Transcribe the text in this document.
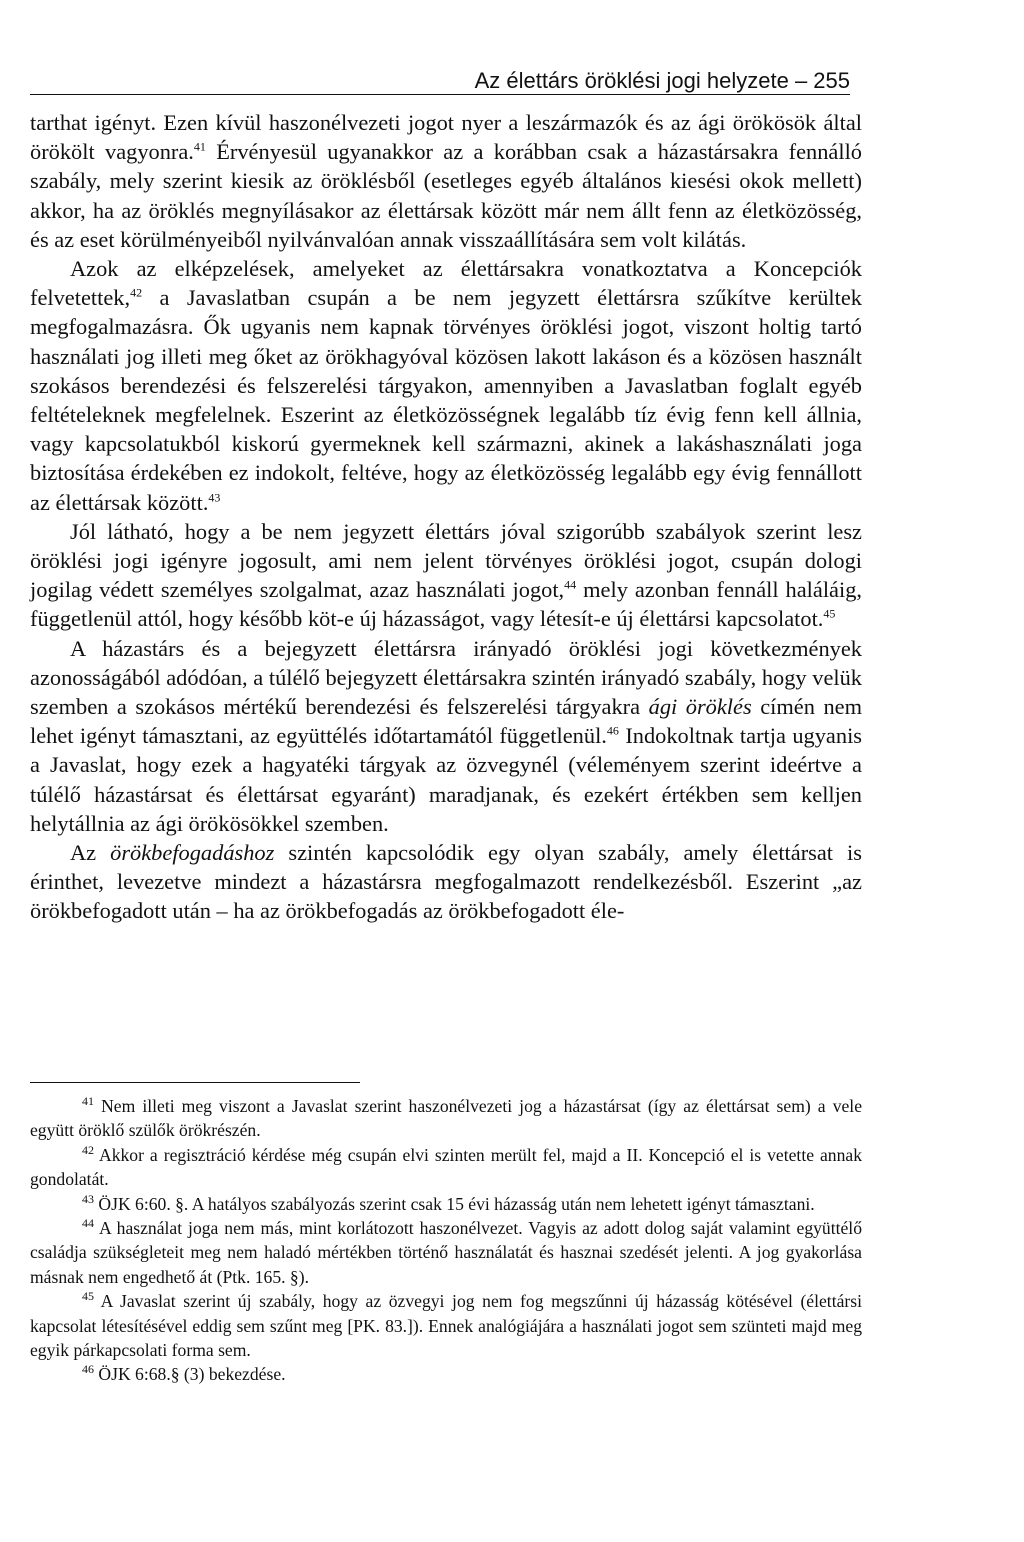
Az élettárs öröklési jogi helyzete – 255

tarthat igényt. Ezen kívül haszonélvezeti jogot nyer a leszármazók és az ági örökösök által örökölt vagyonra.$^{41}$ Érvényesül ugyanakkor az a korábban csak a házastársakra fennálló szabály, mely szerint kiesik az öröklésből (esetleges egyéb általános kiesési okok mellett) akkor, ha az öröklés megnyílásakor az élettársak között már nem állt fenn az életközösség, és az eset körülményeiből nyilvánvalóan annak visszaállítására sem volt kilátás.

Azok az elképzelések, amelyeket az élettársakra vonatkoztatva a Koncepciók felvetettek,$^{42}$ a Javaslatban csupán a be nem jegyzett élettársra szűkítve kerültek megfogalmazásra. Ők ugyanis nem kapnak törvényes öröklési jogot, viszont holtig tartó használati jog illeti meg őket az örökhagyóval közösen lakott lakáson és a közösen használt szokásos berendezési és felszerelési tárgyakon, amennyiben a Javaslatban foglalt egyéb feltételeknek megfelelnek. Eszerint az életközösségnek legalább tíz évig fenn kell állnia, vagy kapcsolatukból kiskorú gyermeknek kell származni, akinek a lakáshasználati joga biztosítása érdekében ez indokolt, feltéve, hogy az életközösség legalább egy évig fennállott az élettársak között.$^{43}$

Jól látható, hogy a be nem jegyzett élettárs jóval szigorúbb szabályok szerint lesz öröklési jogi igényre jogosult, ami nem jelent törvényes öröklési jogot, csupán dologi jogilag védett személyes szolgalmat, azaz használati jogot,$^{44}$ mely azonban fennáll haláláig, függetlenül attól, hogy később köt-e új házasságot, vagy létesít-e új élettársi kapcsolatot.$^{45}$

A házastárs és a bejegyzett élettársra irányadó öröklési jogi következmények azonosságából adódóan, a túlélő bejegyzett élettársakra szintén irányadó szabály, hogy velük szemben a szokásos mértékű berendezési és felszerelési tárgyakra ági öröklés címén nem lehet igényt támasztani, az együttélés időtartamától függetlenül.$^{46}$ Indokoltnak tartja ugyanis a Javaslat, hogy ezek a hagyatéki tárgyak az özvegynél (véleményem szerint ideértve a túlélő házastársat és élettársat egyaránt) maradjanak, és ezekért értékben sem kelljen helytállnia az ági örökösökkel szemben.

Az örökbefogadáshoz szintén kapcsolódik egy olyan szabály, amely élettársat is érinthet, levezetve mindezt a házastársra megfogalmazott rendelkezésből. Eszerint „az örökbefogadott után – ha az örökbefogadás az örökbefogadott éle-

$^{41}$ Nem illeti meg viszont a Javaslat szerint haszonélvezeti jog a házastársat (így az élettársat sem) a vele együtt öröklő szülők örökrészén.

$^{42}$ Akkor a regisztráció kérdése még csupán elvi szinten merült fel, majd a II. Koncepció el is vetette annak gondolatát.

$^{43}$ ÖJK 6:60. §. A hatályos szabályozás szerint csak 15 évi házasság után nem lehetett igényt támasztani.

$^{44}$ A használat joga nem más, mint korlátozott haszonélvezet. Vagyis az adott dolog saját valamint együttélő családja szükségleteit meg nem haladó mértékben történő használatát és hasznai szedését jelenti. A jog gyakorlása másnak nem engedhető át (Ptk. 165. §).

$^{45}$ A Javaslat szerint új szabály, hogy az özvegyi jog nem fog megszűnni új házasság kötésével (élettársi kapcsolat létesítésével eddig sem szűnt meg [PK. 83.]). Ennek analógiájára a használati jogot sem szünteti majd meg egyik párkapcsolati forma sem.

$^{46}$ ÖJK 6:68.§ (3) bekezdése.
